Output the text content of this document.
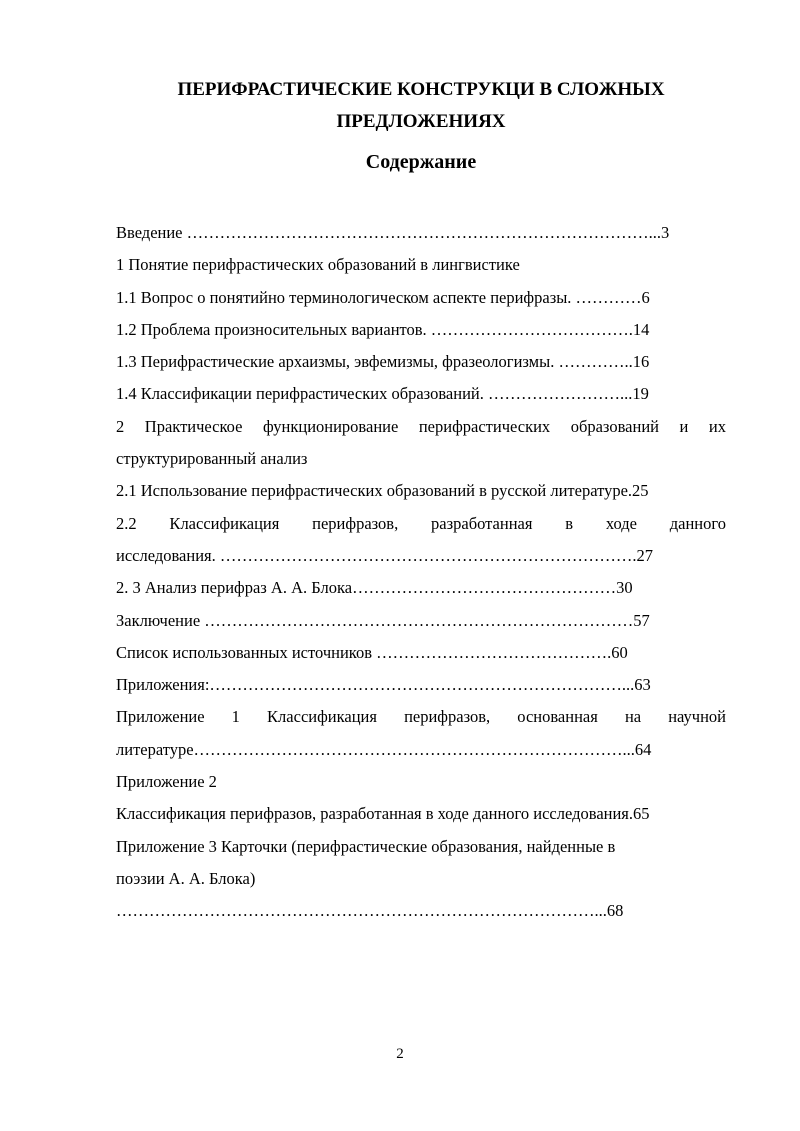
ПЕРИФРАСТИЧЕСКИЕ КОНСТРУКЦИ В СЛОЖНЫХ
ПРЕДЛОЖЕНИЯХ
Содержание
Введение …………………………………………………………………………...3
1 Понятие перифрастических образований в лингвистике
1.1 Вопрос о понятийно терминологическом аспекте перифразы. …………6
1.2 Проблема произносительных вариантов. ……………………………….14
1.3 Перифрастические архаизмы, эвфемизмы, фразеологизмы. …………..16
1.4 Классификации перифрастических образований. ……………………...19
2 Практическое функционирование перифрастических образований и их
структурированный анализ
2.1 Использование перифрастических образований в русской литературе.25
2.2 Классификация перифразов, разработанная в ходе данного
исследования. ………………………………………………………………….27
2. 3 Анализ перифраз А. А. Блока…………………………………………30
Заключение ……………………………………………………………………57
Список использованных источников …………………………………….60
Приложения:…………………………………………………………………...63
Приложение 1 Классификация перифразов, основанная на научной
литературе……………………………………………………………………...64
Приложение 2
Классификация перифразов, разработанная в ходе данного исследования.65
Приложение 3 Карточки (перифрастические образования, найденные в
поэзии А. А. Блока)
……………………………………………………………………………...68
2
